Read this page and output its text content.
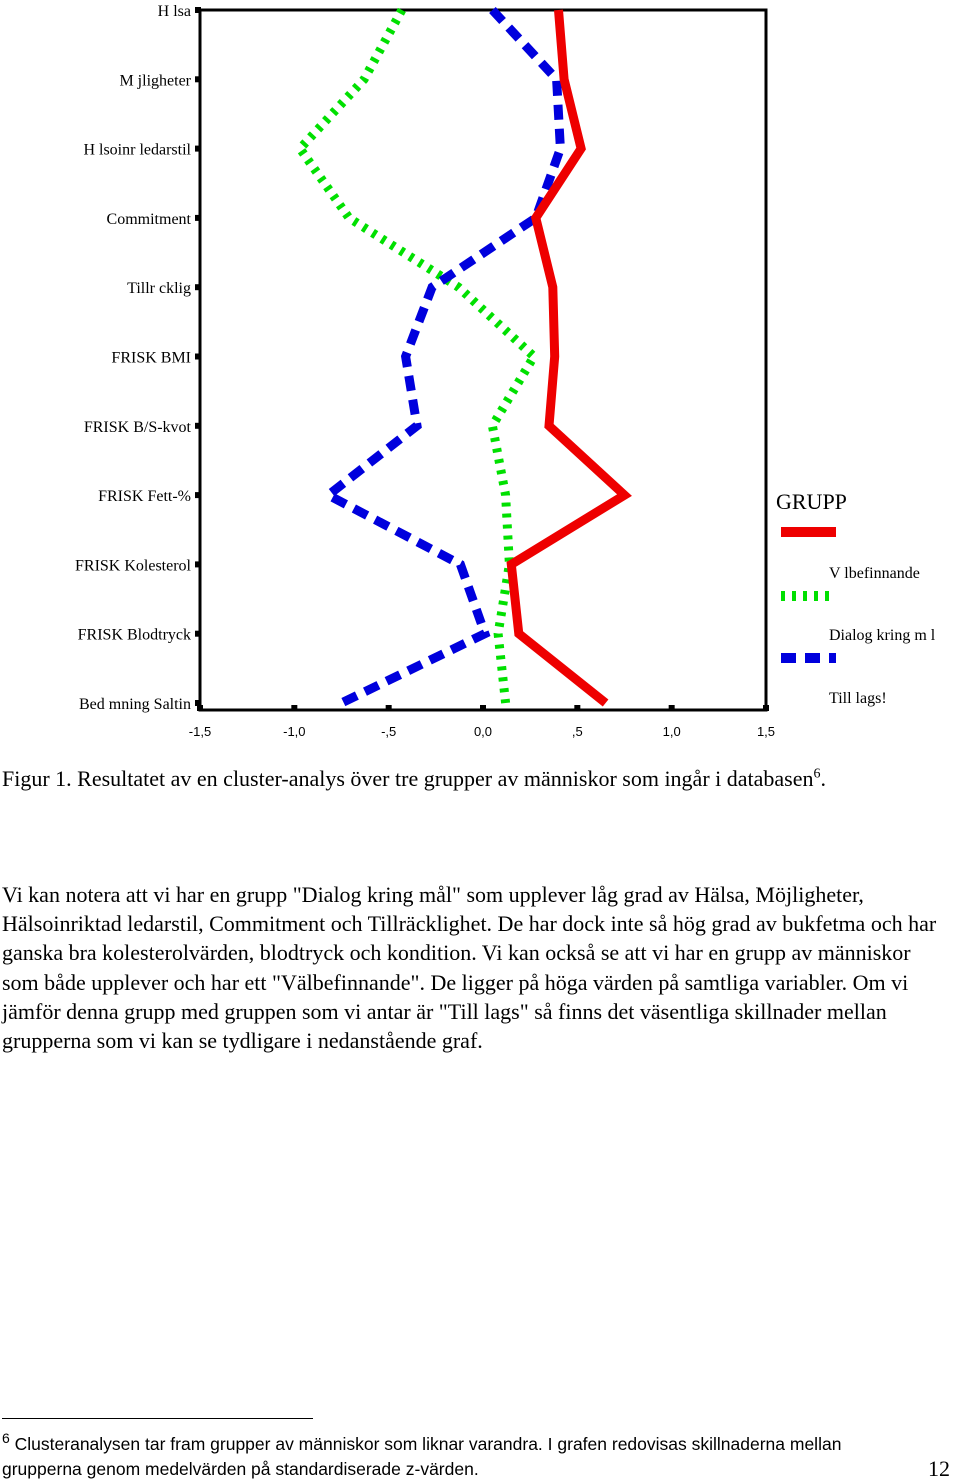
H lsa
M jligheter
H lsoinr ledarstil
Commitment
Tillr cklig
FRISK BMI
FRISK B/S-kvot
FRISK Fett-%
FRISK Kolesterol
FRISK Blodtryck
Bed mning Saltin
-1,5	-1,0	-,5	0,0	,5	1,0	1,5
GRUPP
V lbefinnande
Dialog kring m l
Till lags!
Figur 1. Resultatet av en cluster-analys över tre grupper av människor som ingår i databasen$^6$.
Vi kan notera att vi har en grupp "Dialog kring mål" som upplever låg grad av Hälsa, Möjligheter, Hälsoinriktad ledarstil, Commitment och Tillräcklighet. De har dock inte så hög grad av bukfetma och har ganska bra kolesterolvärden, blodtryck och kondition. Vi kan också se att vi har en grupp av människor som både upplever och har ett "Välbefinnande". De ligger på höga värden på samtliga variabler. Om vi jämför denna grupp med gruppen som vi antar är "Till lags" så finns det väsentliga skillnader mellan grupperna som vi kan se tydligare i nedanstående graf.
$^6$ Clusteranalysen tar fram grupper av människor som liknar varandra. I grafen redovisas skillnaderna mellan grupperna genom medelvärden på standardiserade z-värden.	12
